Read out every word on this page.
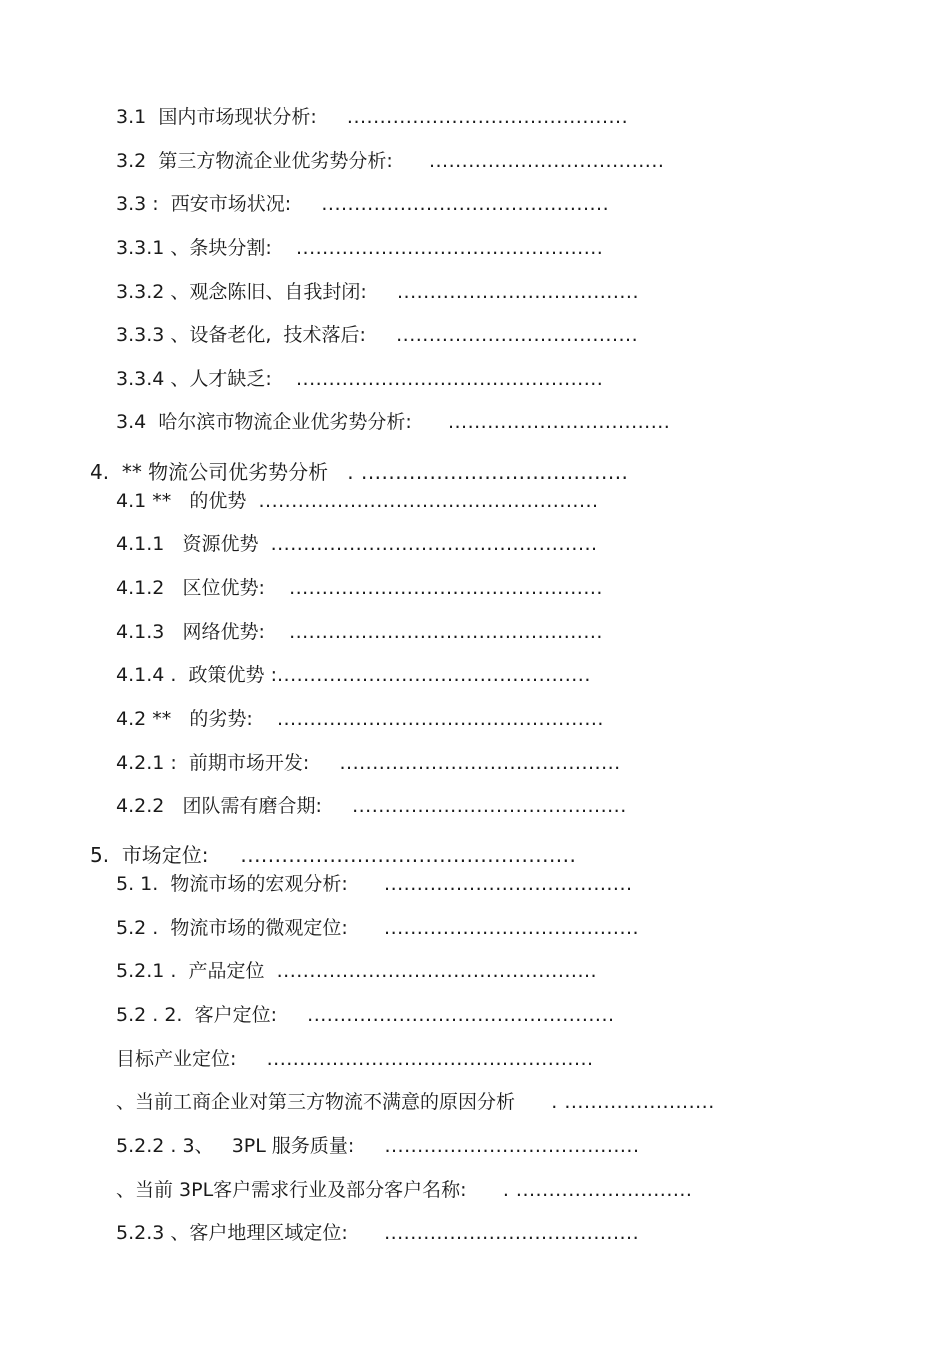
3.1 国内市场现状分析: ...........................................
3.2 第三方物流企业优劣势分析: ....................................
3.3 : 西安市场状况: ............................................
3.3.1 、条块分割: ...............................................
3.3.2 、观念陈旧、自我封闭: .....................................
3.3.3 、设备老化,  技术落后: .....................................
3.3.4 、人才缺乏: ...............................................
3.4 哈尔滨市物流企业优劣势分析: ..................................
4. ** 物流公司优劣势分析 . .......................................
4.1 ** 的优势 ....................................................
4.1.1 资源优势 ..................................................
4.1.2 区位优势: ................................................
4.1.3 网络优势: ................................................
4.1.4 . 政策优势 :................................................
4.2 ** 的劣势: ..................................................
4.2.1 : 前期市场开发: ...........................................
4.2.2 团队需有磨合期: ..........................................
5. 市场定位: .................................................
5. 1. 物流市场的宏观分析: ......................................
5.2 . 物流市场的微观定位: .......................................
5.2.1 . 产品定位 .................................................
5.2 . 2. 客户定位: ...............................................
目标产业定位: ..................................................
、当前工商企业对第三方物流不满意的原因分析 . .......................
5.2.2 . 3、 3PL 服务质量: .......................................
、当前 3PL客户需求行业及部分客户名称: . ...........................
5.2.3 、客户地理区域定位: .......................................
